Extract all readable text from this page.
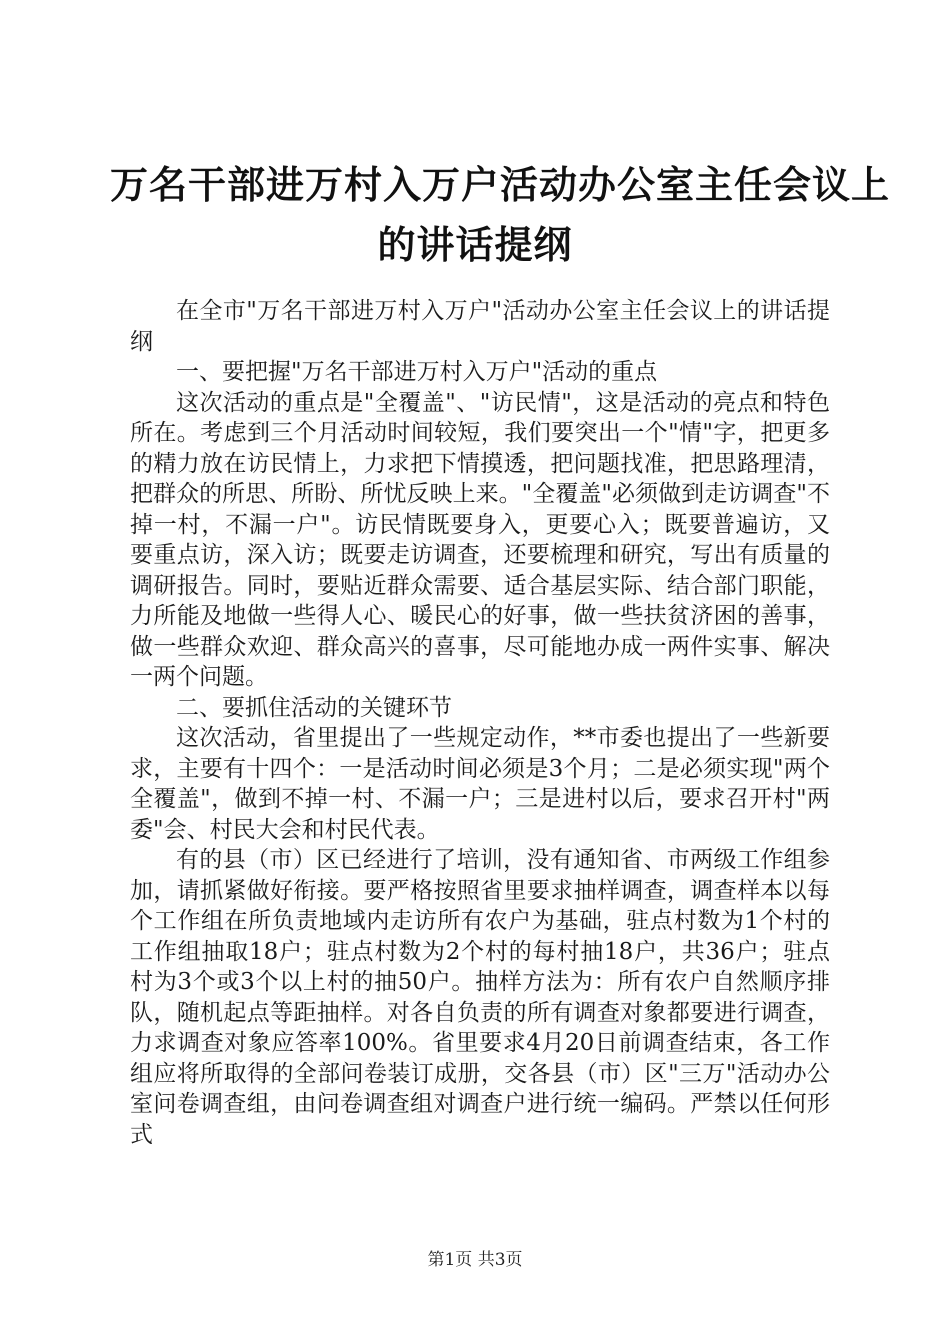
万名干部进万村入万户活动办公室主任会议上
的讲话提纲

在全市"万名干部进万村入万户"活动办公室主任会议上的讲话提纲

一、要把握"万名干部进万村入万户"活动的重点

这次活动的重点是"全覆盖"、"访民情"，这是活动的亮点和特色所在。考虑到三个月活动时间较短，我们要突出一个"情"字，把更多的精力放在访民情上，力求把下情摸透，把问题找准，把思路理清，把群众的所思、所盼、所忧反映上来。"全覆盖"必须做到走访调查"不掉一村，不漏一户"。访民情既要身入，更要心入；既要普遍访，又要重点访，深入访；既要走访调查，还要梳理和研究，写出有质量的调研报告。同时，要贴近群众需要、适合基层实际、结合部门职能，力所能及地做一些得人心、暖民心的好事，做一些扶贫济困的善事，做一些群众欢迎、群众高兴的喜事，尽可能地办成一两件实事、解决一两个问题。

二、要抓住活动的关键环节

这次活动，省里提出了一些规定动作，**市委也提出了一些新要求，主要有十四个：一是活动时间必须是3个月；二是必须实现"两个全覆盖"，做到不掉一村、不漏一户；三是进村以后，要求召开村"两委"会、村民大会和村民代表。

有的县（市）区已经进行了培训，没有通知省、市两级工作组参加，请抓紧做好衔接。要严格按照省里要求抽样调查，调查样本以每个工作组在所负责地域内走访所有农户为基础，驻点村数为1个村的工作组抽取18户；驻点村数为2个村的每村抽18户，共36户；驻点村为3个或3个以上村的抽50户。抽样方法为：所有农户自然顺序排队，随机起点等距抽样。对各自负责的所有调查对象都要进行调查，力求调查对象应答率100%。省里要求4月20日前调查结束，各工作组应将所取得的全部问卷装订成册，交各县（市）区"三万"活动办公室问卷调查组，由问卷调查组对调查户进行统一编码。严禁以任何形式

第1页 共3页
